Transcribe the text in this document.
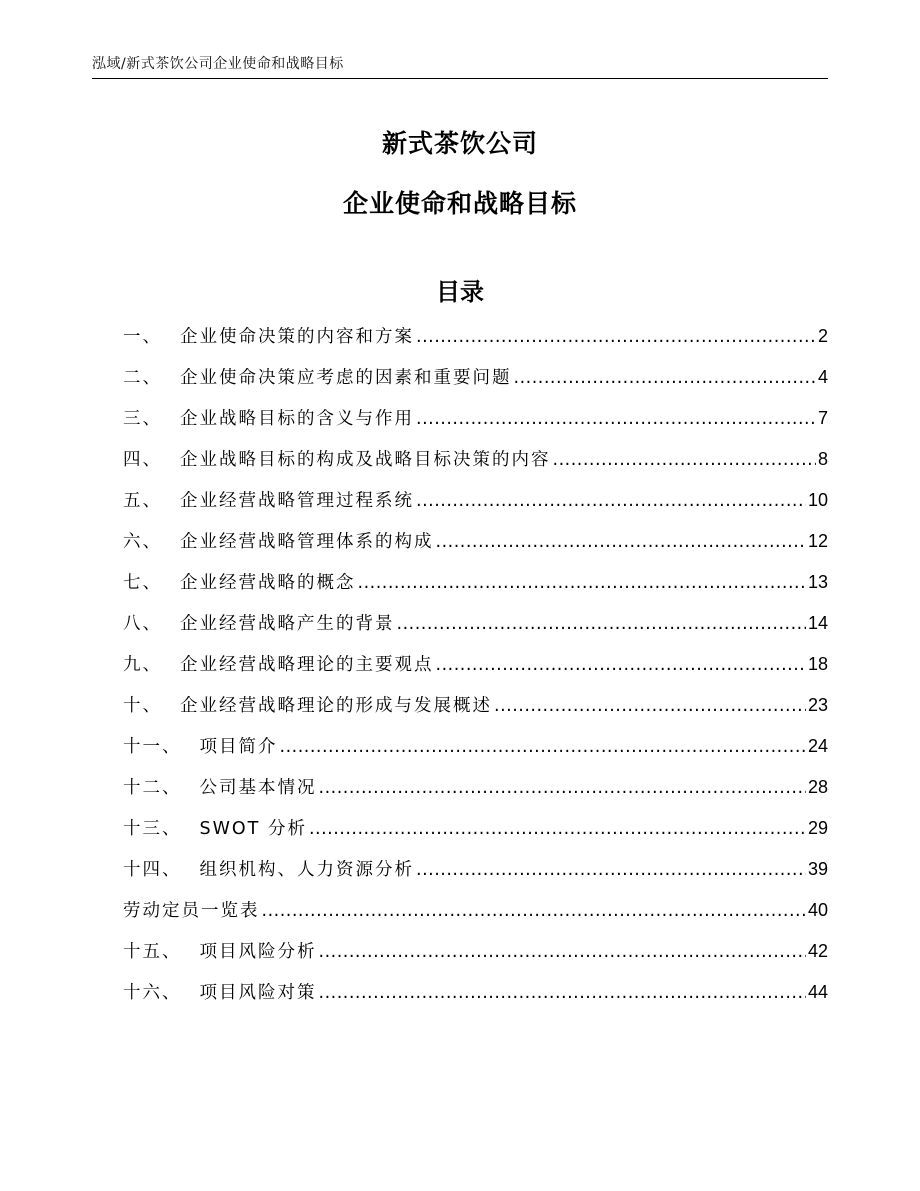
泓域/新式茶饮公司企业使命和战略目标
新式茶饮公司
企业使命和战略目标
目录
一、 企业使命决策的内容和方案 .....	2
二、 企业使命决策应考虑的因素和重要问题 .....	4
三、 企业战略目标的含义与作用 .....	7
四、 企业战略目标的构成及战略目标决策的内容 .....	8
五、 企业经营战略管理过程系统 .....	10
六、 企业经营战略管理体系的构成 .....	12
七、 企业经营战略的概念 .....	13
八、 企业经营战略产生的背景 .....	14
九、 企业经营战略理论的主要观点 .....	18
十、 企业经营战略理论的形成与发展概述 .....	23
十一、 项目简介 .....	24
十二、 公司基本情况 .....	28
十三、 SWOT 分析 .....	29
十四、 组织机构、人力资源分析 .....	39
劳动定员一览表 .....	40
十五、 项目风险分析 .....	42
十六、 项目风险对策 .....	44
